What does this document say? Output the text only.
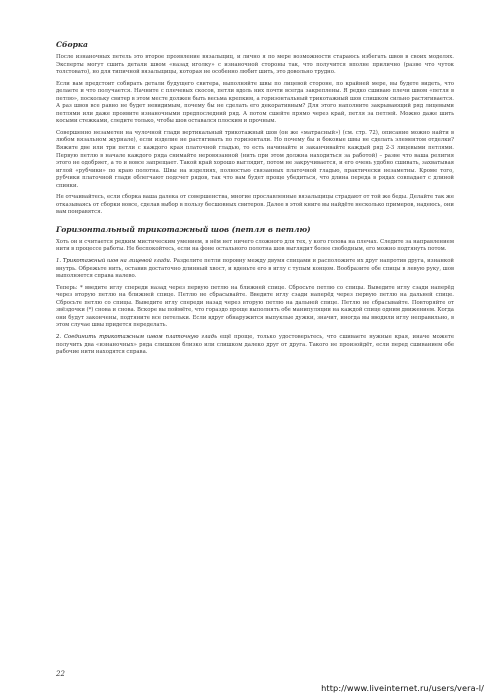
Сборка

После изнаночных петель это второе проявление вязальщиц, и лично я по мере возможности стараюсь избегать швов в своих моделях. Эксперты могут сшить детали швом «назад иголку» с изнаночной стороны так, что получится вполне прилично (разве что чуток толстовато), но для типичной вязальщицы, которая не особенно любит шить, это довольно трудно.

Если вам предстоит собирать детали будущего свитера, выполняйте швы по лицевой стороне, по крайней мере, вы будете видеть, что делаете и что получается. Начните с плечевых скосов, петли вдоль них почти всегда закреплены. Я редко сшиваю плечи швом «петля в петлю», поскольку свитер в этом месте должен быть весьма крепким, а горизонтальный трикотажный шов слишком сильно растягивается. А раз швов все равно не будет невидимым, почему бы не сделать его декоративным? Для этого наполните закрывающий ряд лицевыми петлями или даже проявите изнаночными предпоследний ряд. А потом сшейте прямо через край, петля за петлей. Можно даже шить косыми стежками, следите только, чтобы шов оставался плоским и прочным.

Совершенно незаметен на чулочной глади вертикальный трикотажный шов (он же «матрасный») (см. стр. 72), описание можно найти в любом вязальном журнале), если изделие не растягивать по горизонтали. Но почему бы и боковые швы не сделать элементом отделки? Вяжите две или три петли с каждого края платочной гладью, то есть начинайте и заканчивайте каждый ряд 2-3 лицевыми петлями. Первую петлю в начале каждого ряда снимайте неровязанной (нить при этом должна находиться за работой) – разве что ваша религия этого не одобряет, а то и вовсе запрещает. Такой край хорошо выглядит, потом не закручивается, и его очень удобно сшивать, захватывая иглой «рубчики» по краю полотна. Швы на изделиях, полностью связанных платочной гладью, практически незаметны. Кроме того, рубчики платочной глади облегчают подсчет рядов, так что вам будет проще убедиться, что длина переда в рядах совпадает с длиной спинки.

Не отчаивайтесь, если сборка ваша далека от совершенства, многие прославленные вязальщицы страдают от той же беды. Делайте так же отказываясь от сборки вовсе, сделав выбор в пользу бесшовных свитеров. Далее в этой книге вы найдёте несколько примеров, надеюсь, они вам понравятся.

Горизонтальный трикотажный шов (петля в петлю)

Хоть он и считается редким мистическим умением, в нём нет ничего сложного для тех, у кого голова на плечах. Следите за направлением нити в процессе работы. Не беспокойтесь, если на фоне остального полотна шов выглядит более свободным, его можно подтянуть потом.

1. Трикотажный шов на лицевой глади. Разделите петли поровну между двумя спицами и расположите их друг напротив друга, изнанкой внутрь. Обрежьте нить, оставив достаточно длинный хвост, и вденьте его в иглу с тупым концом. Вообразите обе спицы в левую руку, шов выполняется справа налево.

Теперь: * введите иглу спереди назад через первую петлю на ближней спице. Сбросьте петлю со спицы. Выведите иглу сзади наперёд через вторую петлю на ближней спице. Петлю не сбрасывайте. Введите иглу сзади наперёд через первую петлю на дальней спице. Сбросьте петлю со спицы. Выведите иглу спереди назад через вторую петлю на дальней спице. Петлю не сбрасывайте. Повторяйте от звёздочки (*) снова и снова. Вскоре вы поймёте, что гораздо проще выполнять обе манипуляции на каждой спице одним движением. Когда они будут закончены, подтяните все петельки. Если вдруг обнаружится выпуклые дужки, значит, иногда вы вводили иглу неправильно, в этом случае швы придется переделать.

2. Соединить трикотажным швом платочную гладь ещё проще, только удостоверьтесь, что сшиваете нужные края, иначе можете получить два «изнаночных» ряда слишком близко или слишком далеко друг от друга. Такого не произойдёт, если перед сшиванием обе рабочие нити находятся справа.

22
http://www.liveinternet.ru/users/vera-l/
